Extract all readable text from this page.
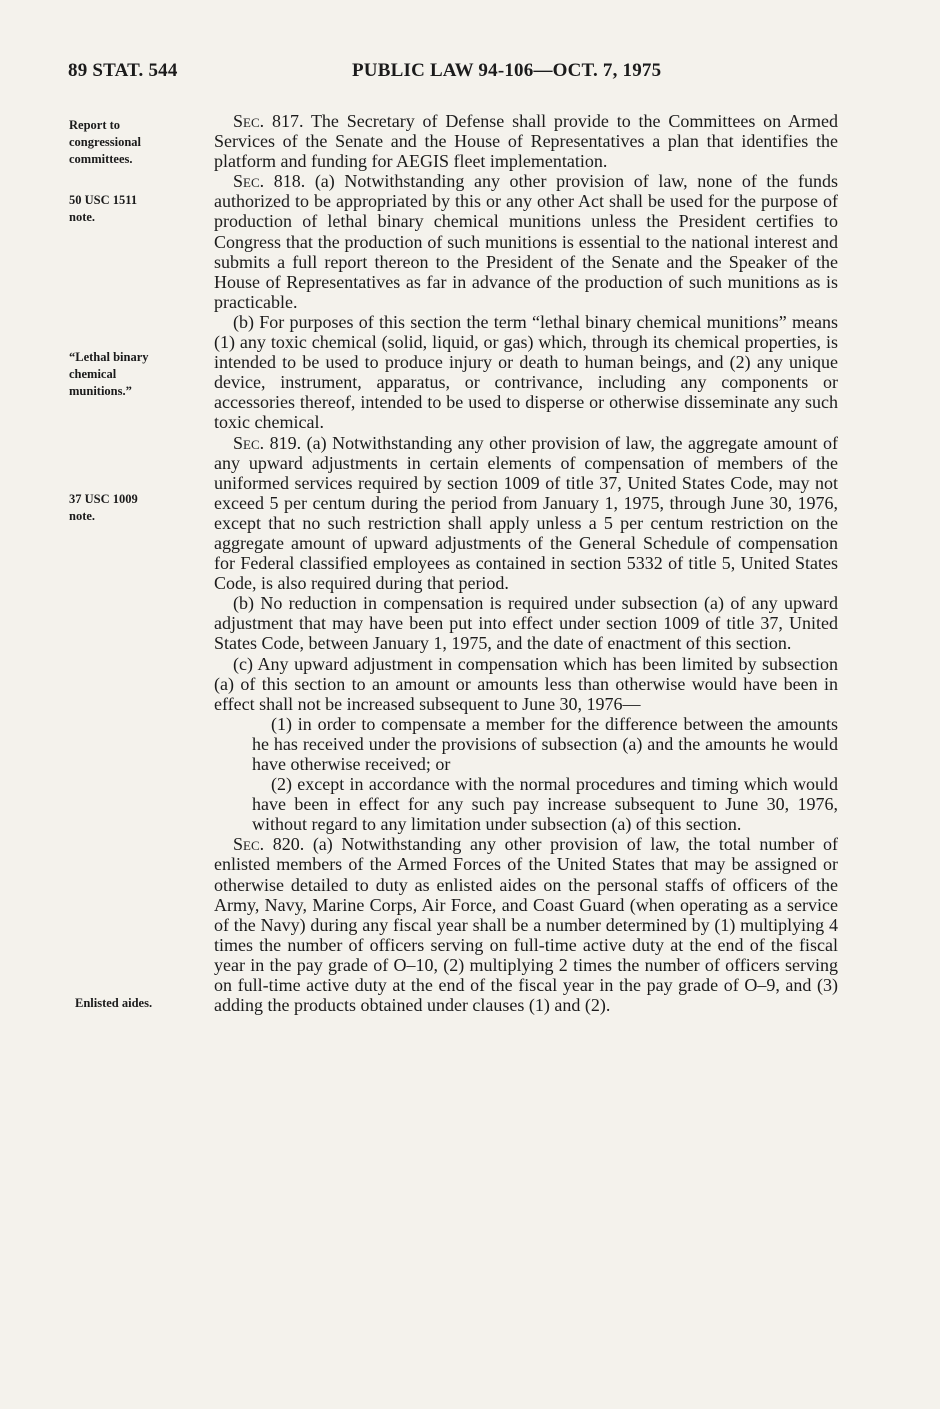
89 STAT. 544	PUBLIC LAW 94-106—OCT. 7, 1975
Report to
congressional
committees.
50 USC 1511
note.
“Lethal binary
chemical
munitions.”
37 USC 1009
note.
Enlisted aides.

Sec. 817. The Secretary of Defense shall provide to the Committees on Armed Services of the Senate and the House of Representatives a plan that identifies the platform and funding for AEGIS fleet implementation.

Sec. 818. (a) Notwithstanding any other provision of law, none of the funds authorized to be appropriated by this or any other Act shall be used for the purpose of production of lethal binary chemical munitions unless the President certifies to Congress that the production of such munitions is essential to the national interest and submits a full report thereon to the President of the Senate and the Speaker of the House of Representatives as far in advance of the production of such munitions as is practicable.

(b) For purposes of this section the term “lethal binary chemical munitions” means (1) any toxic chemical (solid, liquid, or gas) which, through its chemical properties, is intended to be used to produce injury or death to human beings, and (2) any unique device, instrument, apparatus, or contrivance, including any components or accessories thereof, intended to be used to disperse or otherwise disseminate any such toxic chemical.

Sec. 819. (a) Notwithstanding any other provision of law, the aggregate amount of any upward adjustments in certain elements of compensation of members of the uniformed services required by section 1009 of title 37, United States Code, may not exceed 5 per centum during the period from January 1, 1975, through June 30, 1976, except that no such restriction shall apply unless a 5 per centum restriction on the aggregate amount of upward adjustments of the General Schedule of compensation for Federal classified employees as contained in section 5332 of title 5, United States Code, is also required during that period.

(b) No reduction in compensation is required under subsection (a) of any upward adjustment that may have been put into effect under section 1009 of title 37, United States Code, between January 1, 1975, and the date of enactment of this section.

(c) Any upward adjustment in compensation which has been limited by subsection (a) of this section to an amount or amounts less than otherwise would have been in effect shall not be increased subsequent to June 30, 1976—

(1) in order to compensate a member for the difference between the amounts he has received under the provisions of subsection (a) and the amounts he would have otherwise received; or

(2) except in accordance with the normal procedures and timing which would have been in effect for any such pay increase subsequent to June 30, 1976, without regard to any limitation under subsection (a) of this section.

Sec. 820. (a) Notwithstanding any other provision of law, the total number of enlisted members of the Armed Forces of the United States that may be assigned or otherwise detailed to duty as enlisted aides on the personal staffs of officers of the Army, Navy, Marine Corps, Air Force, and Coast Guard (when operating as a service of the Navy) during any fiscal year shall be a number determined by (1) multiplying 4 times the number of officers serving on full-time active duty at the end of the fiscal year in the pay grade of O–10, (2) multiplying 2 times the number of officers serving on full-time active duty at the end of the fiscal year in the pay grade of O–9, and (3) adding the products obtained under clauses (1) and (2).
